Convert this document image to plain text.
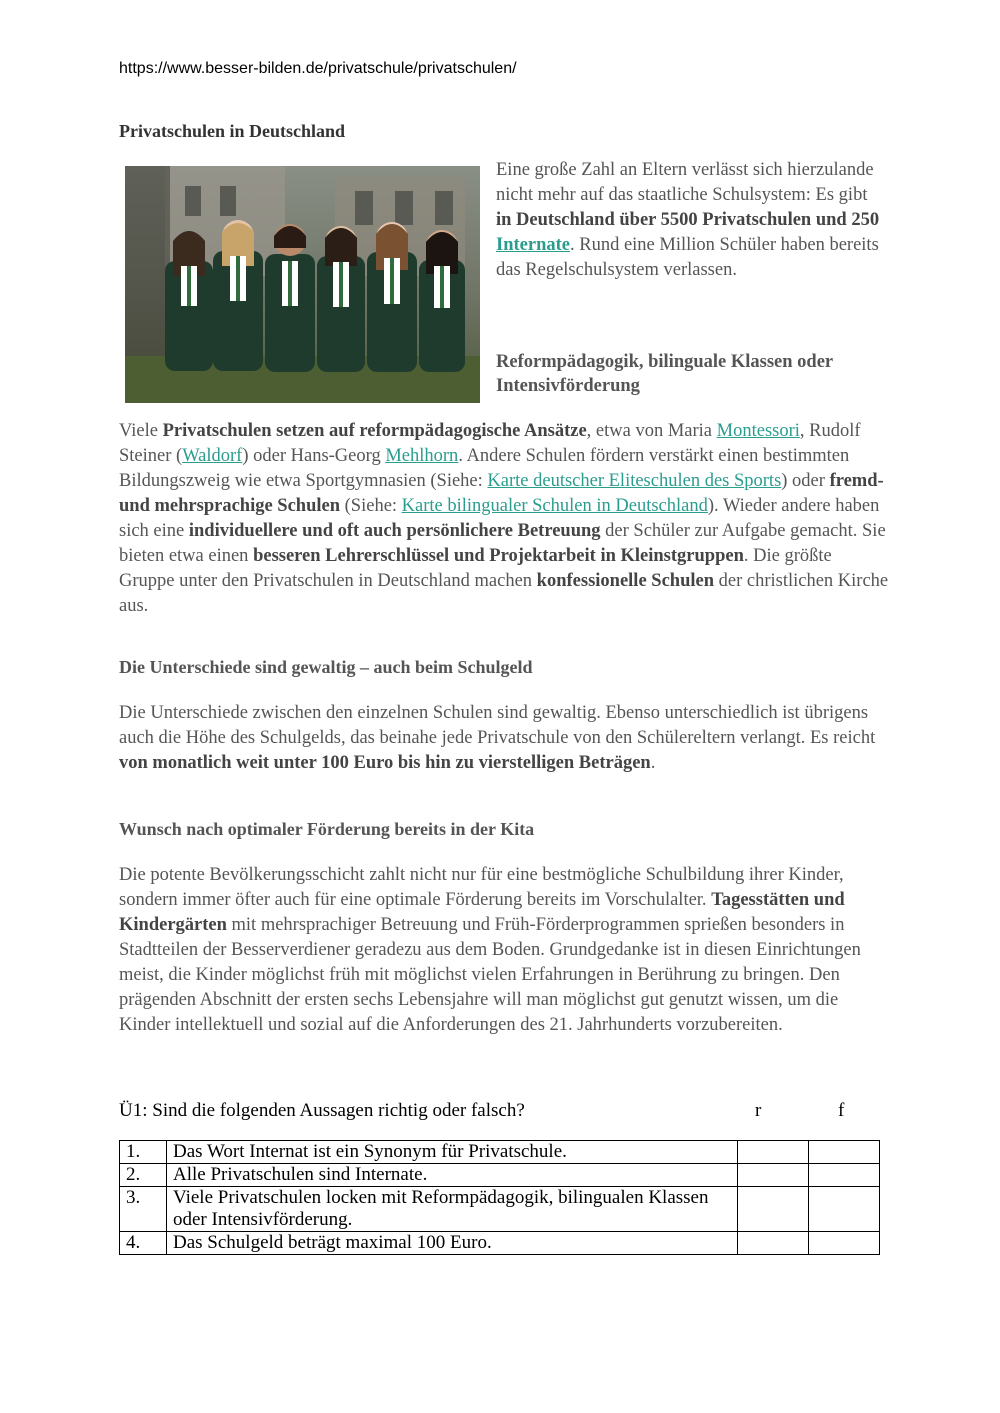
https://www.besser-bilden.de/privatschule/privatschulen/
Privatschulen in Deutschland

Eine große Zahl an Eltern verlässt sich hierzulande nicht mehr auf das staatliche Schulsystem: Es gibt in Deutschland über 5500 Privatschulen und 250 Internate. Rund eine Million Schüler haben bereits das Regelschulsystem verlassen.

Reformpädagogik, bilinguale Klassen oder Intensivförderung

Viele Privatschulen setzen auf reformpädagogische Ansätze, etwa von Maria Montessori, Rudolf Steiner (Waldorf) oder Hans-Georg Mehlhorn. Andere Schulen fördern verstärkt einen bestimmten Bildungszweig wie etwa Sportgymnasien (Siehe: Karte deutscher Eliteschulen des Sports) oder fremd- und mehrsprachige Schulen (Siehe: Karte bilingualer Schulen in Deutschland). Wieder andere haben sich eine individuellere und oft auch persönlichere Betreuung der Schüler zur Aufgabe gemacht. Sie bieten etwa einen besseren Lehrerschlüssel und Projektarbeit in Kleinstgruppen. Die größte Gruppe unter den Privatschulen in Deutschland machen konfessionelle Schulen der christlichen Kirche aus.

Die Unterschiede sind gewaltig – auch beim Schulgeld

Die Unterschiede zwischen den einzelnen Schulen sind gewaltig. Ebenso unterschiedlich ist übrigens auch die Höhe des Schulgelds, das beinahe jede Privatschule von den Schülereltern verlangt. Es reicht von monatlich weit unter 100 Euro bis hin zu vierstelligen Beträgen.

Wunsch nach optimaler Förderung bereits in der Kita

Die potente Bevölkerungsschicht zahlt nicht nur für eine bestmögliche Schulbildung ihrer Kinder, sondern immer öfter auch für eine optimale Förderung bereits im Vorschulalter. Tagesstätten und Kindergärten mit mehrsprachiger Betreuung und Früh-Förderprogrammen sprießen besonders in Stadtteilen der Besserverdiener geradezu aus dem Boden. Grundgedanke ist in diesen Einrichtungen meist, die Kinder möglichst früh mit möglichst vielen Erfahrungen in Berührung zu bringen. Den prägenden Abschnitt der ersten sechs Lebensjahre will man möglichst gut genutzt wissen, um die Kinder intellektuell und sozial auf die Anforderungen des 21. Jahrhunderts vorzubereiten.

Ü1: Sind die folgenden Aussagen richtig oder falsch?	r	f
1.	Das Wort Internat ist ein Synonym für Privatschule.		
2.	Alle Privatschulen sind Internate.		
3.	Viele Privatschulen locken mit Reformpädagogik, bilingualen Klassen oder Intensivförderung.		
4.	Das Schulgeld beträgt maximal 100 Euro.		
